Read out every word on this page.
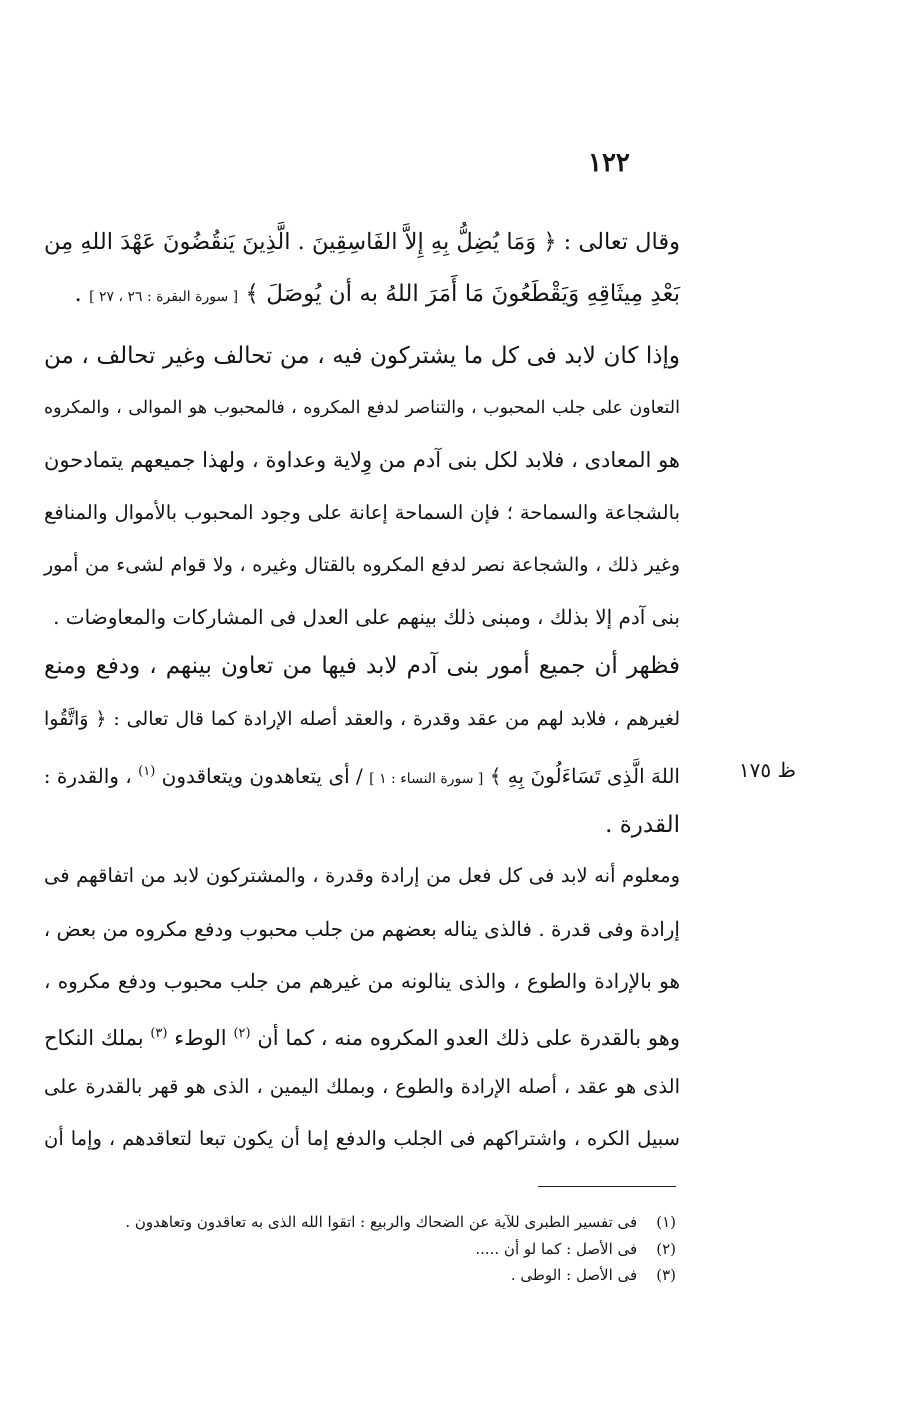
١٢٢
وقال تعالى : ﴿ وَمَا يُضِلُّ بِهِ إِلاَّ الفَاسِقِينَ . الَّذِينَ يَنقُضُونَ عَهْدَ اللهِ مِن
بَعْدِ مِيثَاقِهِ وَيَقْطَعُونَ مَا أَمَرَ اللهُ به أن يُوصَلَ ﴾ [ سورة البقرة : ٢٦ ، ٢٧ ] .
وإذا كان لابد فى كل ما يشتركون فيه ، من تحالف وغير تحالف ، من
التعاون على جلب المحبوب ، والتناصر لدفع المكروه ، فالمحبوب هو الموالى ، والمكروه
هو المعادى ، فلابد لكل بنى آدم من وِلاية وعداوة ، ولهذا جميعهم يتمادحون
بالشجاعة والسماحة ؛ فإن السماحة إعانة على وجود المحبوب بالأموال والمنافع
وغير ذلك ، والشجاعة نصر لدفع المكروه بالقتال وغيره ، ولا قوام لشىء من أمور
بنى آدم إلا بذلك ، ومبنى ذلك بينهم على العدل فى المشاركات والمعاوضات .
فظهر أن جميع أمور بنى آدم لابد فيها من تعاون بينهم ، ودفع ومنع
لغيرهم ، فلابد لهم من عقد وقدرة ، والعقد أصله الإرادة كما قال تعالى : ﴿ وَاتَّقُوا
اللهَ الَّذِى تَسَاءَلُونَ بِهِ ﴾ [ سورة النساء : ١ ] / أى يتعاهدون ويتعاقدون $^{(١)}$ ، والقدرة :
القدرة .
ظ ١٧٥
ومعلوم أنه لابد فى كل فعل من إرادة وقدرة ، والمشتركون لابد من اتفاقهم فى
إرادة وفى قدرة . فالذى يناله بعضهم من جلب محبوب ودفع مكروه من بعض ،
هو بالإرادة والطوع ، والذى ينالونه من غيرهم من جلب محبوب ودفع مكروه ،
وهو بالقدرة على ذلك العدو المكروه منه ، كما أن $^{(٢)}$ الوطء $^{(٣)}$ بملك النكاح
الذى هو عقد ، أصله الإرادة والطوع ، وبملك اليمين ، الذى هو قهر بالقدرة على
سبيل الكره ، واشتراكهم فى الجلب والدفع إما أن يكون تبعا لتعاقدهم ، وإما أن
(١) فى تفسير الطبرى للآية عن الضحاك والربيع : اتقوا الله الذى به تعاقدون وتعاهدون .
(٢) فى الأصل : كما لو أن .....
(٣) فى الأصل : الوطى .
